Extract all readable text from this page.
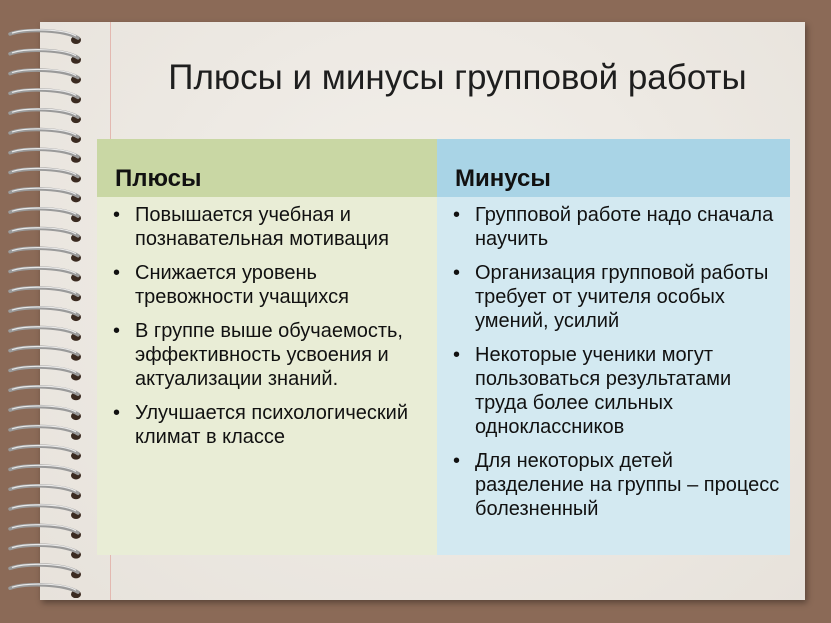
Плюсы и минусы групповой работы
Плюсы	Минусы
• Повышается учебная и познавательная мотивация
• Снижается уровень тревожности учащихся
• В группе выше обучаемость, эффективность усвоения и актуализации знаний.
• Улучшается психологический климат в классе
• Групповой работе надо сначала научить
• Организация групповой работы требует от учителя особых умений, усилий
• Некоторые ученики могут пользоваться результатами труда более сильных одноклассников
• Для некоторых детей разделение на группы – процесс болезненный
